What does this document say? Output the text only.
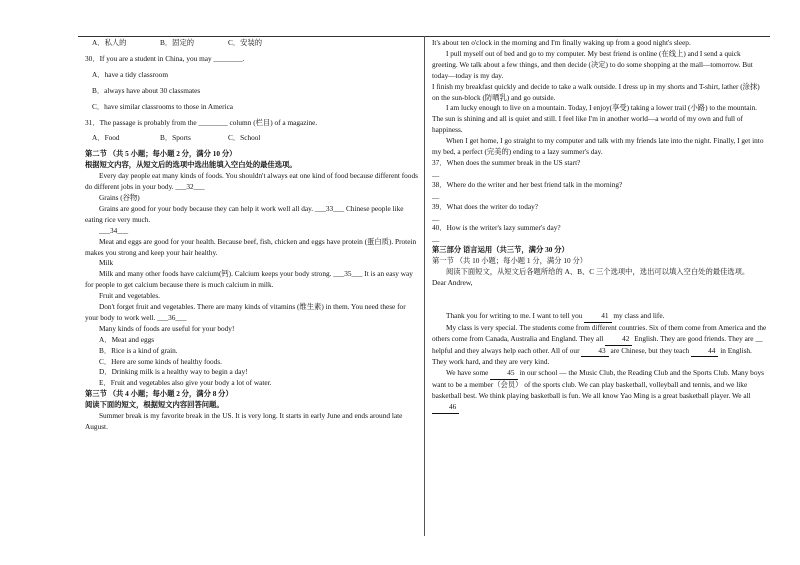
A．私人的	B．固定的	C．安装的

30．If you are a student in China, you may ________.

A．have a tidy classroom

B．always have about 30 classmates

C．have similar classrooms to those in America

31．The passage is probably from the ________ column (栏目) of a magazine.

A．Food	B．Sports	C．School

第二节 （共 5 小题；每小题 2 分，满分 10 分）

根据短文内容，从短文后的选项中选出能填入空白处的最佳选项。

Every day people eat many kinds of foods. You shouldn't always eat one kind of food because different foods do different jobs in your body. ___32___

Grains (谷物)

Grains are good for your body because they can help it work well all day. ___33___ Chinese people like eating rice very much.

___34___

Meat and eggs are good for your health. Because beef, fish, chicken and eggs have protein (蛋白质). Protein makes you strong and keep your hair healthy.

Milk

Milk and many other foods have calcium(钙). Calcium keeps your body strong. ___35___ It is an easy way for people to get calcium because there is much calcium in milk.

Fruit and vegetables.

Don't forget fruit and vegetables. There are many kinds of vitamins (维生素) in them. You need these for your body to work well. ___36___

Many kinds of foods are useful for your body!

A．Meat and eggs

B．Rice is a kind of grain.

C．Here are some kinds of healthy foods.

D．Drinking milk is a healthy way to begin a day!

E．Fruit and vegetables also give your body a lot of water.

第三节 （共 4 小题；每小题 2 分，满分 8 分）

阅读下面的短文，根据短文内容回答问题。

Summer break is my favorite break in the US. It is very long. It starts in early June and ends around late August.

It's about ten o'clock in the morning and I'm finally waking up from a good night's sleep.

I pull myself out of bed and go to my computer. My best friend is online (在线上) and I send a quick greeting. We talk about a few things, and then decide (决定) to do some shopping at the mall—tomorrow. But today—today is my day.

I finish my breakfast quickly and decide to take a walk outside. I dress up in my shorts and T-shirt, lather (涂抹) on the sun-block (防晒乳) and go outside.

I am lucky enough to live on a mountain. Today, I enjoy(享受) taking a lower trail (小路) to the mountain. The sun is shining and all is quiet and still. I feel like I'm in another world—a world of my own and full of happiness.

When I get home, I go straight to my computer and talk with my friends late into the night. Finally, I get into my bed, a perfect (完美的) ending to a lazy summer's day.

37．When does the summer break in the US start?

__

38．Where do the writer and her best friend talk in the morning?

__

39．What does the writer do today?

__

40．How is the writer's lazy summer's day?

__

第三部分 语言运用（共三节，满分 30 分）

第一节 （共 10 小题；每小题 1 分，满分 10 分）

阅读下面短文，从短文后各题所给的 A、B、C 三个选项中，选出可以填入空白处的最佳选项。

Dear Andrew,

Thank you for writing to me. I want to tell you	41 my class and life.

My class is very special. The students come from different countries. Six of them come from America and the others come from Canada, Australia and England. They all	42 English. They are good friends. They are __ helpful and they always help each other. All of our	43 are Chinese, but they teach	44 in English. They work hard, and they are very kind.

We have some	45 in our school — the Music Club, the Reading Club and the Sports Club. Many boys want to be a member（会员） of the sports club. We can play basketball, volleyball and tennis, and we like basketball best. We think playing basketball is fun. We all know Yao Ming is a great basketball player. We all 46
